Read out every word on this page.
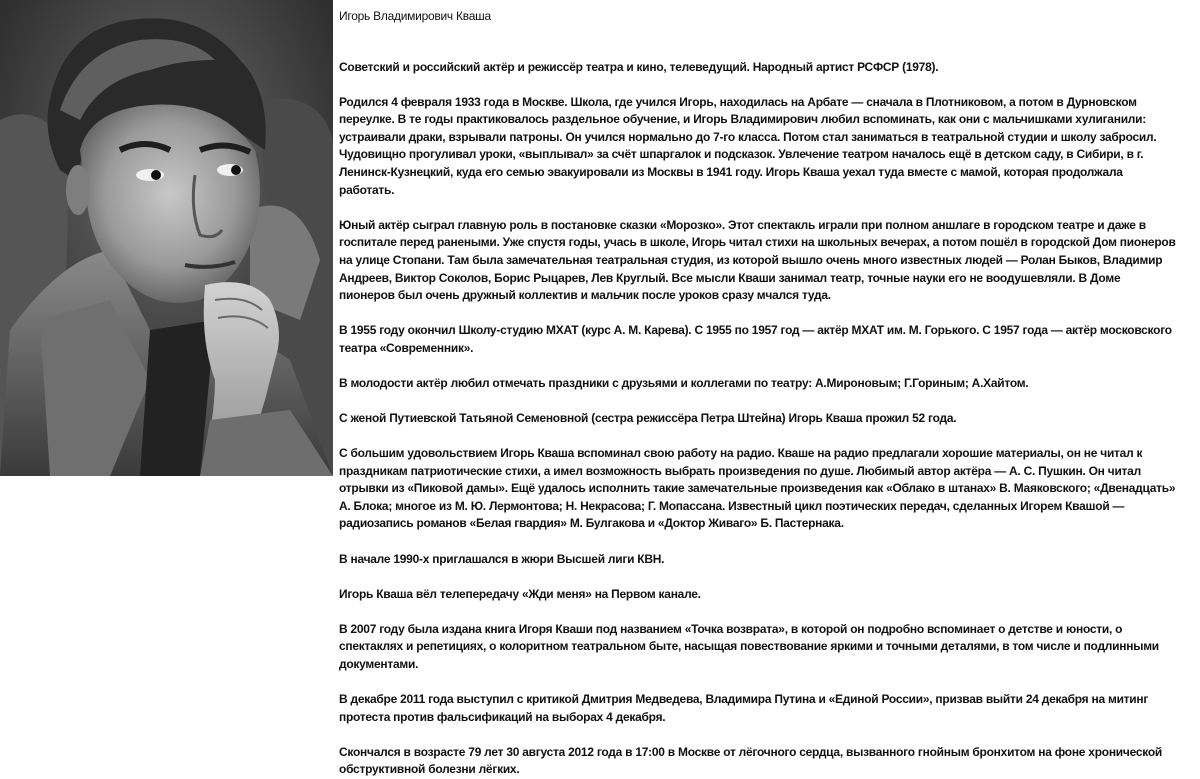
Игорь Владимирович Кваша

Советский и российский актёр и режиссёр театра и кино, телеведущий. Народный артист РСФСР (1978).

Родился 4 февраля 1933 года в Москве. Школа, где учился Игорь, находилась на Арбате — сначала в Плотниковом, а потом в Дурновском переулке. В те годы практиковалось раздельное обучение, и Игорь Владимирович любил вспоминать, как они с мальчишками хулиганили: устраивали драки, взрывали патроны. Он учился нормально до 7-го класса. Потом стал заниматься в театральной студии и школу забросил. Чудовищно прогуливал уроки, «выплывал» за счёт шпаргалок и подсказок. Увлечение театром началось ещё в детском саду, в Сибири, в г. Ленинск-Кузнецкий, куда его семью эвакуировали из Москвы в 1941 году. Игорь Кваша уехал туда вместе с мамой, которая продолжала работать.

Юный актёр сыграл главную роль в постановке сказки «Морозко». Этот спектакль играли при полном аншлаге в городском театре и даже в госпитале перед ранеными. Уже спустя годы, учась в школе, Игорь читал стихи на школьных вечерах, а потом пошёл в городской Дом пионеров на улице Стопани. Там была замечательная театральная студия, из которой вышло очень много известных людей — Ролан Быков, Владимир Андреев, Виктор Соколов, Борис Рыцарев, Лев Круглый. Все мысли Кваши занимал театр, точные науки его не воодушевляли. В Доме пионеров был очень дружный коллектив и мальчик после уроков сразу мчался туда.

В 1955 году окончил Школу-студию МХАТ (курс А. М. Карева). С 1955 по 1957 год — актёр МХАТ им. М. Горького. С 1957 года — актёр московского театра «Современник».

В молодости актёр любил отмечать праздники с друзьями и коллегами по театру: А.Мироновым; Г.Гориным; А.Хайтом.

С женой Путиевской Татьяной Семеновной (сестра режиссёра Петра Штейна) Игорь Кваша прожил 52 года.

С большим удовольствием Игорь Кваша вспоминал свою работу на радио. Кваше на радио предлагали хорошие материалы, он не читал к праздникам патриотические стихи, а имел возможность выбрать произведения по душе. Любимый автор актёра — А. С. Пушкин. Он читал отрывки из «Пиковой дамы». Ещё удалось исполнить такие замечательные произведения как «Облако в штанах» В. Маяковского; «Двенадцать» А. Блока; многое из М. Ю. Лермонтова; Н. Некрасова; Г. Мопассана. Известный цикл поэтических передач, сделанных Игорем Квашой — радиозапись романов «Белая гвардия» М. Булгакова и «Доктор Живаго» Б. Пастернака.

В начале 1990-х приглашался в жюри Высшей лиги КВН.

Игорь Кваша вёл телепередачу «Жди меня» на Первом канале.

В 2007 году была издана книга Игоря Кваши под названием «Точка возврата», в которой он подробно вспоминает о детстве и юности, о спектаклях и репетициях, о колоритном театральном быте, насыщая повествование яркими и точными деталями, в том числе и подлинными документами.

В декабре 2011 года выступил с критикой Дмитрия Медведева, Владимира Путина и «Единой России», призвав выйти 24 декабря на митинг протеста против фальсификаций на выборах 4 декабря.

Скончался в возрасте 79 лет 30 августа 2012 года в 17:00 в Москве от лёгочного сердца, вызванного гнойным бронхитом на фоне хронической обструктивной болезни лёгких.
